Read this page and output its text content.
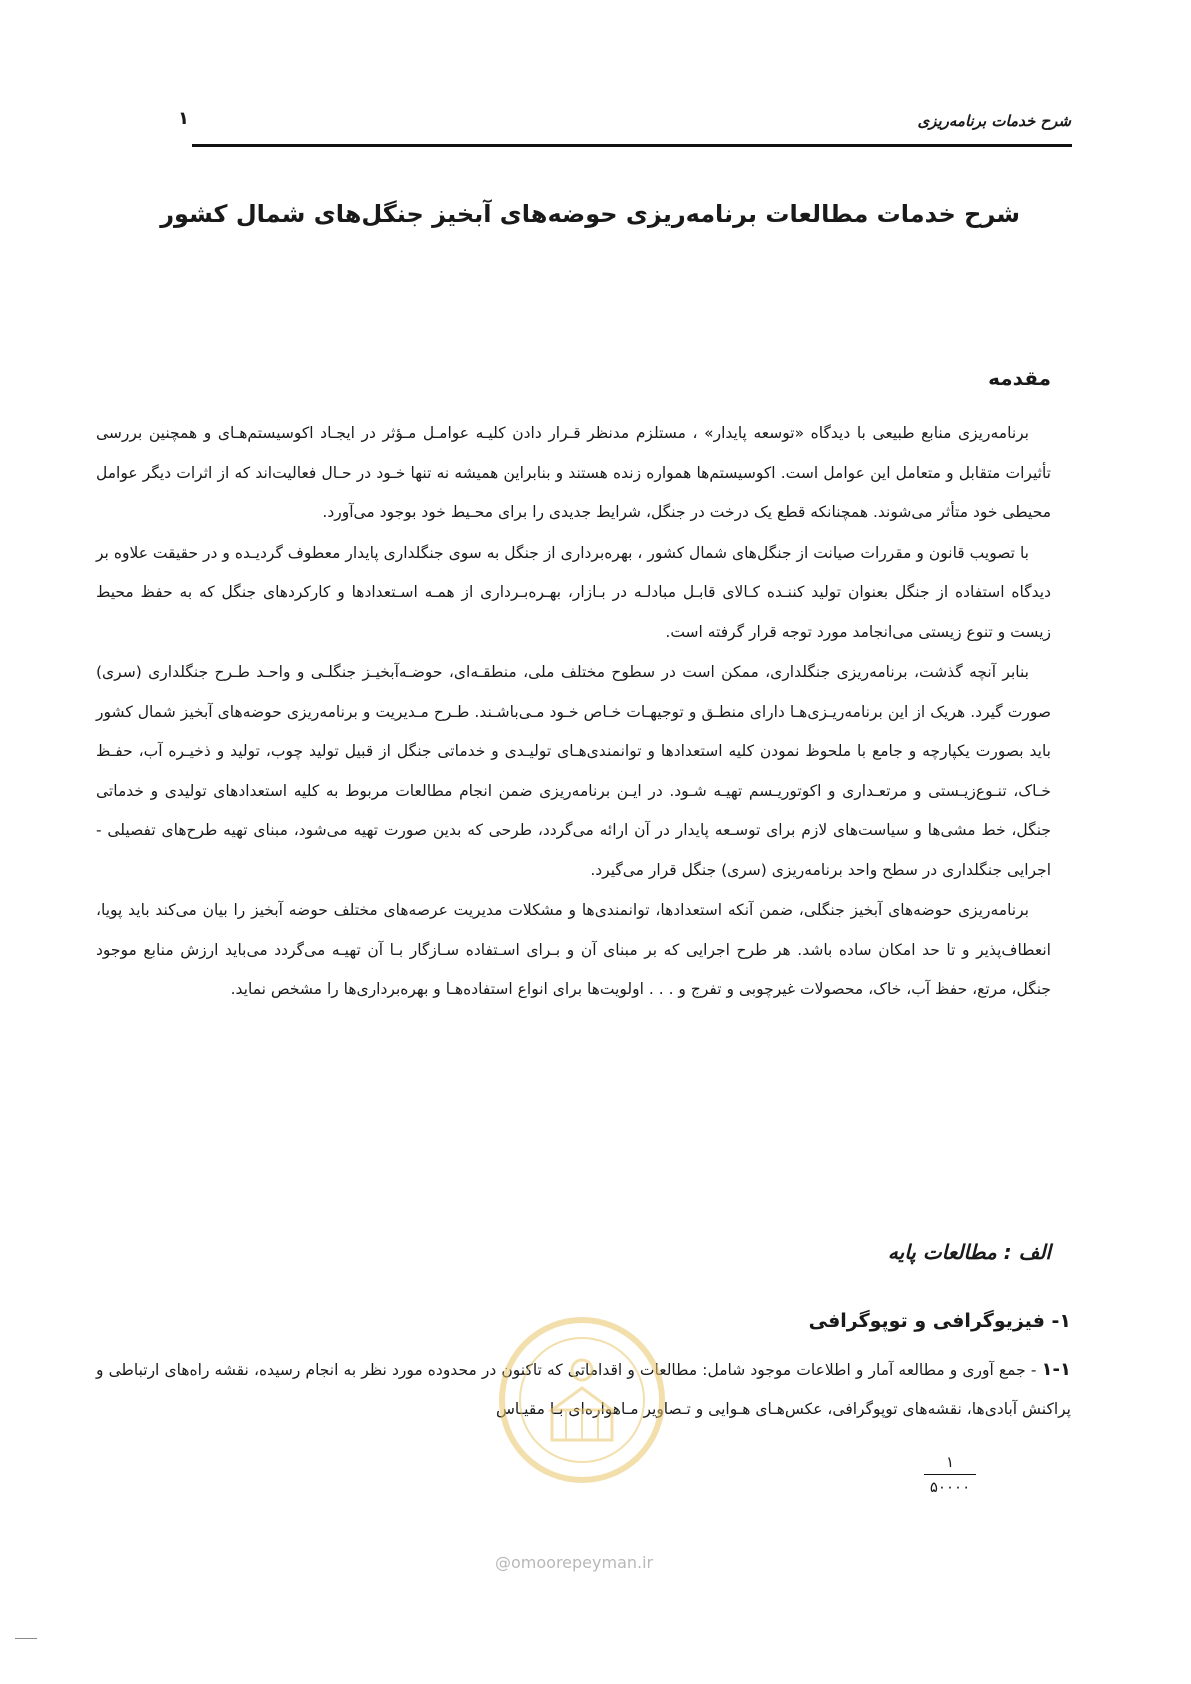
شرح خدمات برنامه‌ریزی
۱
شرح خدمات مطالعات برنامه‌ریزی حوضه‌های آبخیز جنگل‌های شمال کشور
مقدمه

برنامه‌ریزی منابع طبیعی با دیدگاه «توسعه پایدار» ، مستلزم مدنظر قـرار دادن کلیـه عوامـل مـؤثر در ایجـاد اکوسیستم‌هـای و همچنین بررسی تأثیرات متقابل و متعامل این عوامل است. اکوسیستم‌ها همواره زنده هستند و بنابراین همیشه نه تنها خـود در حـال فعالیت‌اند که از اثرات دیگر عوامل محیطی خود متأثر می‌شوند. همچنانکه قطع یک درخت در جنگل، شرایط جدیدی را برای محـیط خود بوجود می‌آورد.

با تصویب قانون و مقررات صیانت از جنگل‌های شمال کشور ، بهره‌برداری از جنگل به سوی جنگلداری پایدار معطوف گردیـده و در حقیقت علاوه بر دیدگاه استفاده از جنگل بعنوان تولید کننـده کـالای قابـل مبادلـه در بـازار، بهـره‌بـرداری از همـه اسـتعدادها و کارکردهای جنگل که به حفظ محیط زیست و تنوع زیستی می‌انجامد مورد توجه قرار گرفته است.

بنابر آنچه گذشت، برنامه‌ریزی جنگلداری، ممکن است در سطوح مختلف ملی، منطقـه‌ای، حوضـه‌آبخیـز جنگلـی و واحـد طـرح جنگلداری (سری) صورت گیرد. هریک از این برنامه‌ریـزی‌هـا دارای منطـق و توجیهـات خـاص خـود مـی‌باشـند. طـرح مـدیریت و برنامه‌ریزی حوضه‌های آبخیز شمال کشور باید بصورت یکپارچه و جامع با ملحوظ نمودن کلیه استعدادها و توانمندی‌هـای تولیـدی و خدماتی جنگل از قبیل تولید چوب، تولید و ذخیـره آب، حفـظ خـاک، تنـوع‌زیـستی و مرتعـداری و اکوتوریـسم تهیـه شـود. در ایـن برنامه‌ریزی ضمن انجام مطالعات مربوط به کلیه استعدادهای تولیدی و خدماتی جنگل، خط مشی‌ها و سیاست‌های لازم برای توسـعه پایدار در آن ارائه می‌گردد، طرحی که بدین صورت تهیه می‌شود، مبنای تهیه طرح‌های تفصیلی - اجرایی جنگلداری در سطح واحد برنامه‌ریزی (سری) جنگل قرار می‌گیرد.

برنامه‌ریزی حوضه‌های آبخیز جنگلی، ضمن آنکه استعدادها، توانمندی‌ها و مشکلات مدیریت عرصه‌های مختلف حوضه آبخیز را بیان می‌کند باید پویا، انعطاف‌پذیر و تا حد امکان ساده باشد. هر طرح اجرایی که بر مبنای آن و بـرای اسـتفاده سـازگار بـا آن تهیـه می‌گردد می‌باید ارزش منابع موجود جنگل، مرتع، حفظ آب، خاک، محصولات غیرچوبی و تفرج و . . . اولویت‌ها برای انواع استفاده‌هـا و بهره‌برداری‌ها را مشخص نماید.

الف : مطالعات پایه
۱- فیزیوگرافی و توپوگرافی

۱-۱ - جمع آوری و مطالعه آمار و اطلاعات موجود شامل: مطالعات و اقداماتی که تاکنون در محدوده مورد نظر به انجام رسیده، نقشه راه‌های ارتباطی و پراکنش آبادی‌ها، نقشه‌های توپوگرافی، عکس‌هـای هـوایی و تـصاویر مـاهواره‌ای بـا مقیـاس

۱
۵۰۰۰۰
@omoorepeyman.ir
